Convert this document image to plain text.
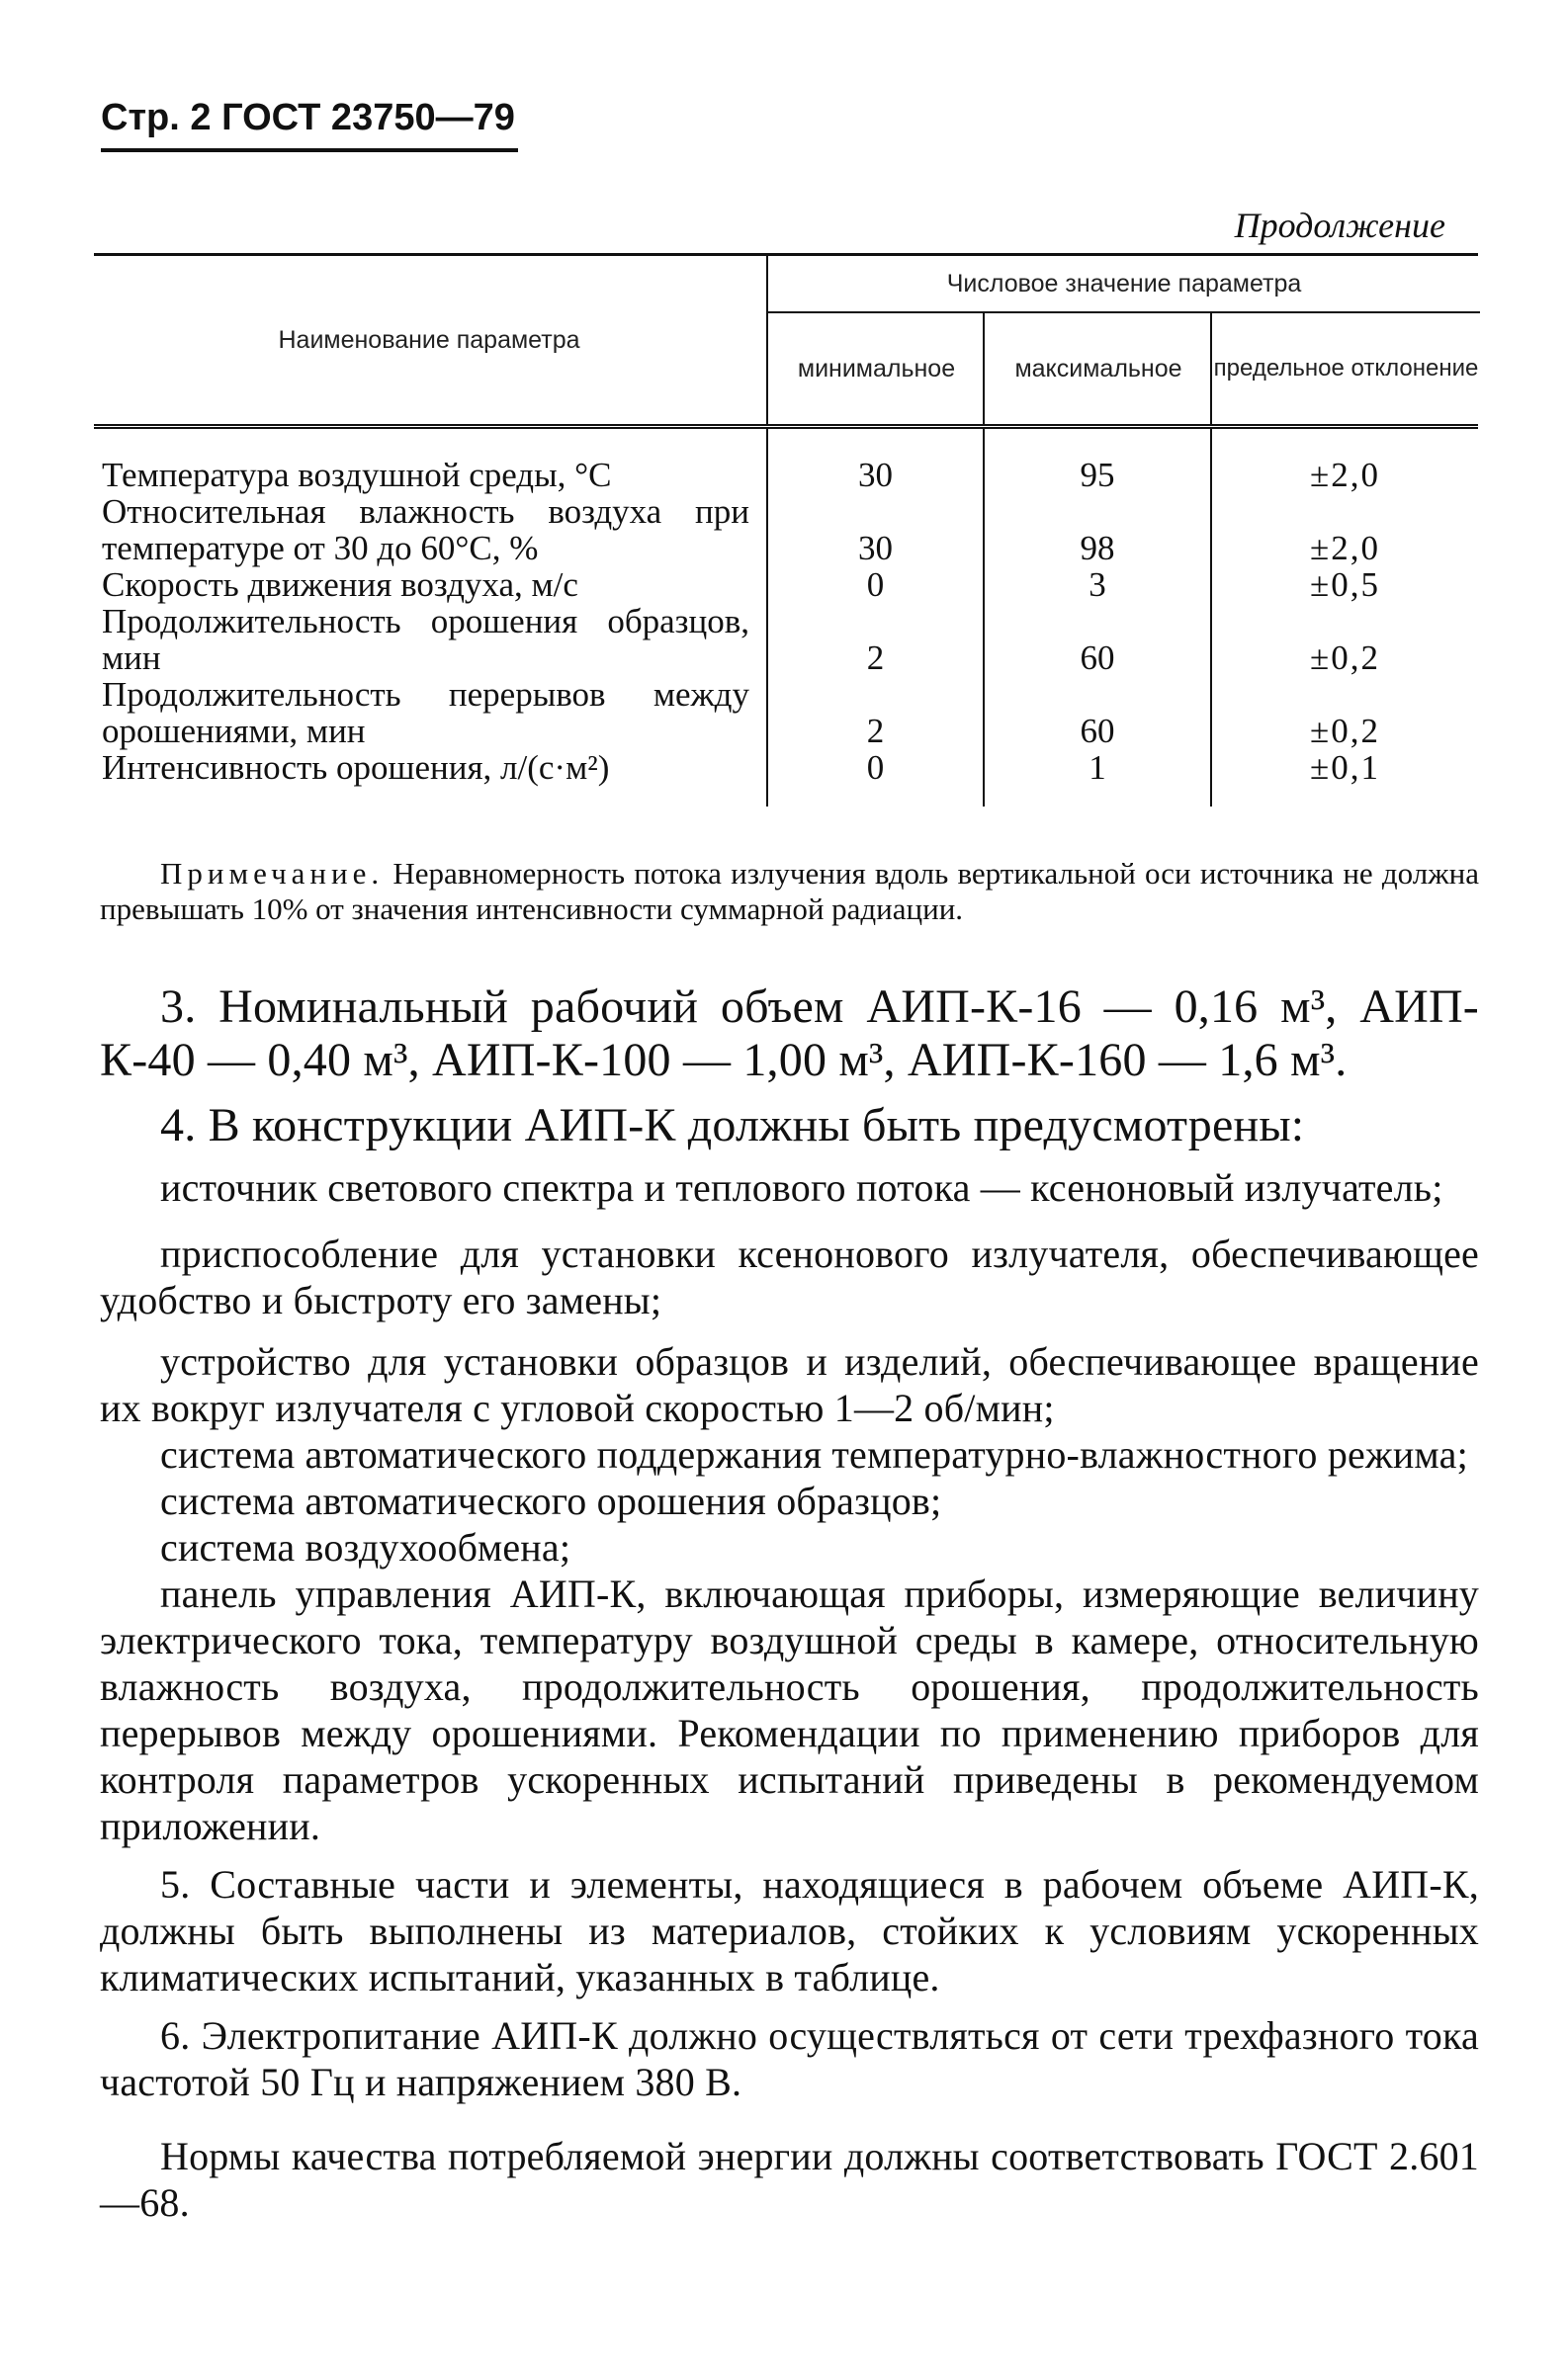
Стр. 2 ГОСТ 23750—79
Продолжение
Наименование параметра
Числовое значение параметра
минимальное	максимальное	предельное отклонение
Температура воздушной среды, °С	30	95	±2,0
Относительная влажность воздуха при температуре от 30 до 60°С, %	30	98	±2,0
Скорость движения воздуха, м/с	0	3	±0,5
Продолжительность орошения образцов, мин	2	60	±0,2
Продолжительность перерывов между орошениями, мин	2	60	±0,2
Интенсивность орошения, л/(с·м²)	0	1	±0,1

Примечание. Неравномерность потока излучения вдоль вертикальной оси источника не должна превышать 10% от значения интенсивности суммарной радиации.

3. Номинальный рабочий объем АИП-К-16 — 0,16 м³, АИП-К-40 — 0,40 м³, АИП-К-100 — 1,00 м³, АИП-К-160 — 1,6 м³.

4. В конструкции АИП-К должны быть предусмотрены:

источник светового спектра и теплового потока — ксеноновый излучатель;

приспособление для установки ксенонового излучателя, обеспечивающее удобство и быстроту его замены;

устройство для установки образцов и изделий, обеспечивающее вращение их вокруг излучателя с угловой скоростью 1—2 об/мин;

система автоматического поддержания температурно-влажностного режима;

система автоматического орошения образцов;

система воздухообмена;

панель управления АИП-К, включающая приборы, измеряющие величину электрического тока, температуру воздушной среды в камере, относительную влажность воздуха, продолжительность орошения, продолжительность перерывов между орошениями. Рекомендации по применению приборов для контроля параметров ускоренных испытаний приведены в рекомендуемом приложении.

5. Составные части и элементы, находящиеся в рабочем объеме АИП-К, должны быть выполнены из материалов, стойких к условиям ускоренных климатических испытаний, указанных в таблице.

6. Электропитание АИП-К должно осуществляться от сети трехфазного тока частотой 50 Гц и напряжением 380 В.

Нормы качества потребляемой энергии должны соответствовать ГОСТ 2.601—68.
